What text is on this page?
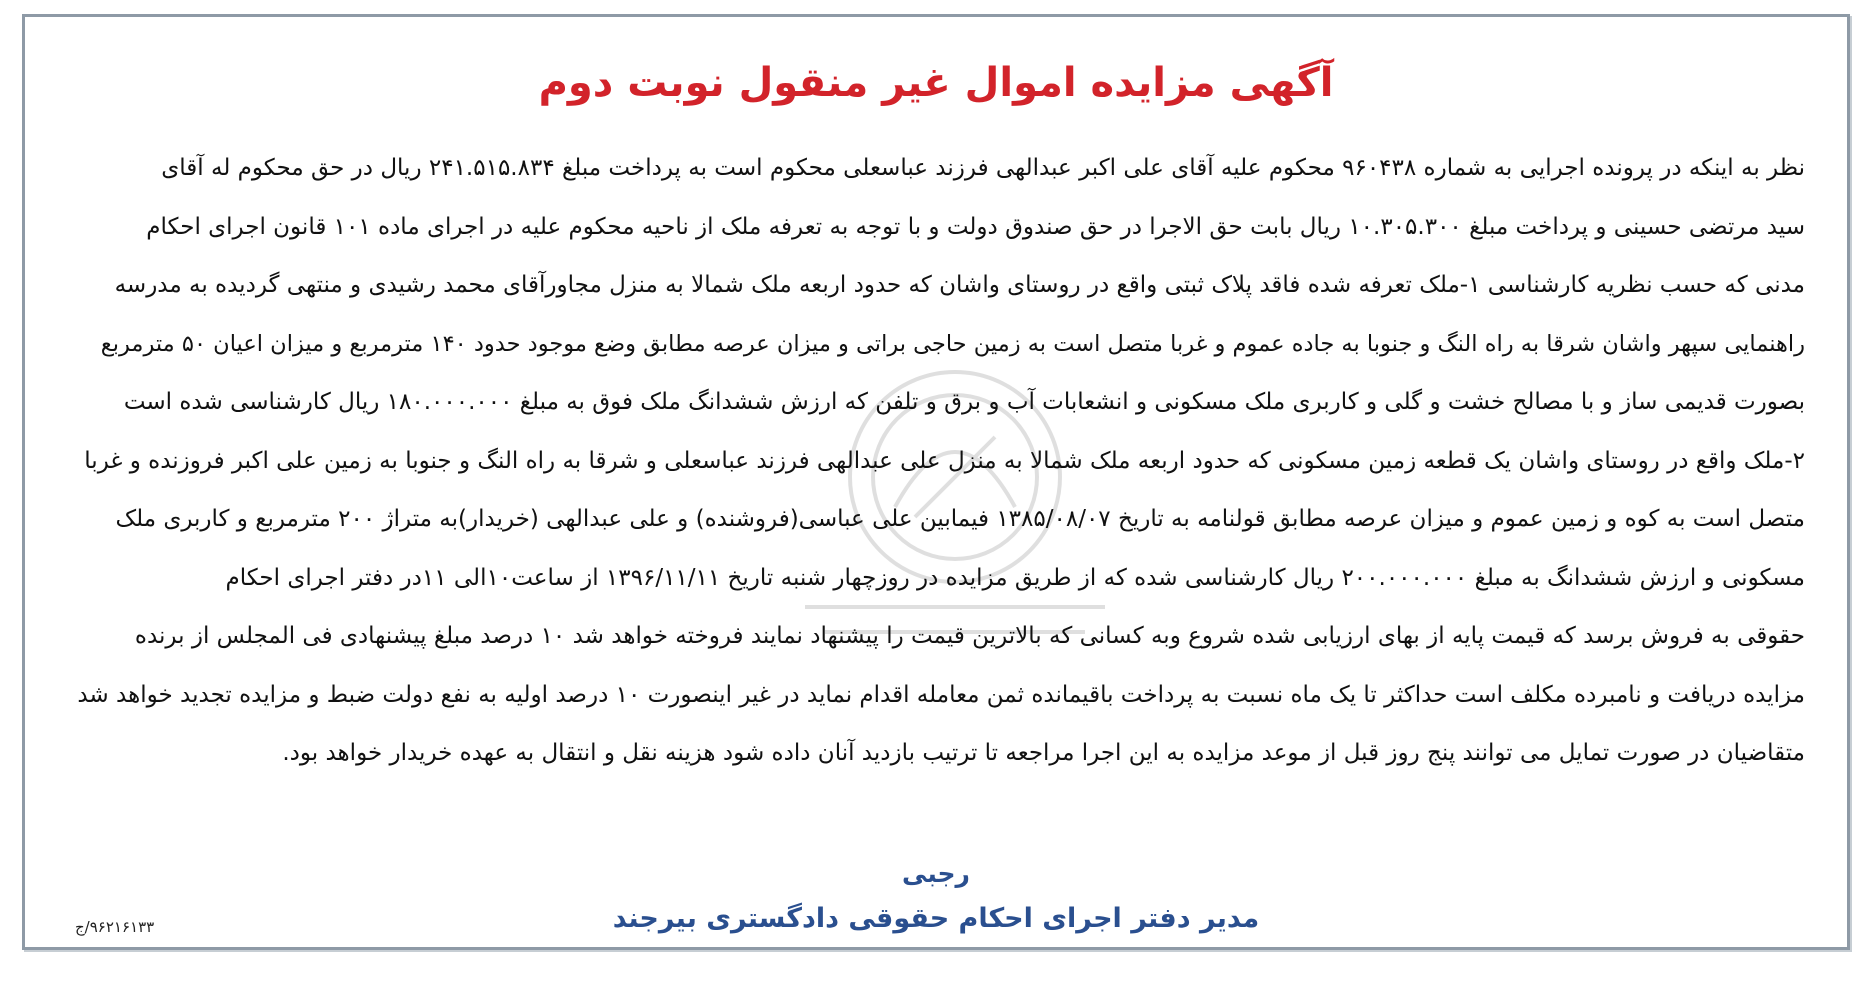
آگهی مزایده اموال غیر منقول نوبت دوم
نظر به اینکه در پرونده اجرایی به شماره ۹۶۰۴۳۸ محکوم علیه آقای علی اکبر عبدالهی فرزند عباسعلی محکوم است به پرداخت مبلغ ۲۴۱.۵۱۵.۸۳۴ ریال در حق محکوم له آقای
سید مرتضی حسینی و پرداخت مبلغ ۱۰.۳۰۵.۳۰۰ ریال بابت حق الاجرا در حق صندوق دولت و با توجه به تعرفه ملک از ناحیه محکوم علیه در اجرای ماده ۱۰۱ قانون اجرای احکام
مدنی که حسب نظریه کارشناسی ۱-ملک تعرفه شده فاقد پلاک ثبتی واقع در روستای واشان که حدود اربعه ملک شمالا به منزل مجاورآقای محمد رشیدی و منتهی گردیده به مدرسه
راهنمایی سپهر واشان شرقا به راه النگ و جنوبا به جاده عموم و غربا متصل است به زمین حاجی براتی و میزان عرصه مطابق وضع موجود حدود ۱۴۰ مترمربع و میزان اعیان ۵۰ مترمربع
بصورت قدیمی ساز و با مصالح خشت و گلی و کاربری ملک مسکونی و انشعابات آب و برق و تلفن که ارزش ششدانگ ملک فوق به مبلغ ۱۸۰.۰۰۰.۰۰۰ ریال کارشناسی شده است
۲-ملک واقع در روستای واشان یک قطعه زمین مسکونی که حدود اربعه ملک شمالا به منزل علی عبدالهی فرزند عباسعلی و شرقا به راه النگ و جنوبا به زمین علی اکبر فروزنده و غربا
متصل است به کوه و زمین عموم و میزان عرصه مطابق قولنامه به تاریخ ۱۳۸۵/۰۸/۰۷ فیمابین علی عباسی(فروشنده) و علی عبدالهی (خریدار)به متراژ ۲۰۰ مترمربع و کاربری ملک
مسکونی و ارزش ششدانگ به مبلغ ۲۰۰.۰۰۰.۰۰۰ ریال کارشناسی شده که از طریق مزایده در روزچهار شنبه تاریخ ۱۳۹۶/۱۱/۱۱ از ساعت۱۰الی ۱۱در دفتر اجرای احکام
حقوقی به فروش برسد که قیمت پایه از بهای ارزیابی شده شروع وبه کسانی که بالاترین قیمت را پیشنهاد نمایند فروخته خواهد شد ۱۰ درصد مبلغ پیشنهادی فی المجلس از برنده
مزایده دریافت و نامبرده مکلف است حداکثر تا یک ماه نسبت به پرداخت باقیمانده ثمن معامله اقدام نماید در غیر اینصورت ۱۰ درصد اولیه به نفع دولت ضبط و مزایده تجدید خواهد شد
متقاضیان در صورت تمایل می توانند پنج روز قبل از موعد مزایده به این اجرا مراجعه تا ترتیب بازدید آنان داده شود هزینه نقل و انتقال به عهده خریدار خواهد بود.
رجبی
مدیر دفتر اجرای احکام حقوقی دادگستری بیرجند
۹۶۲۱۶۱۳۳/ج
